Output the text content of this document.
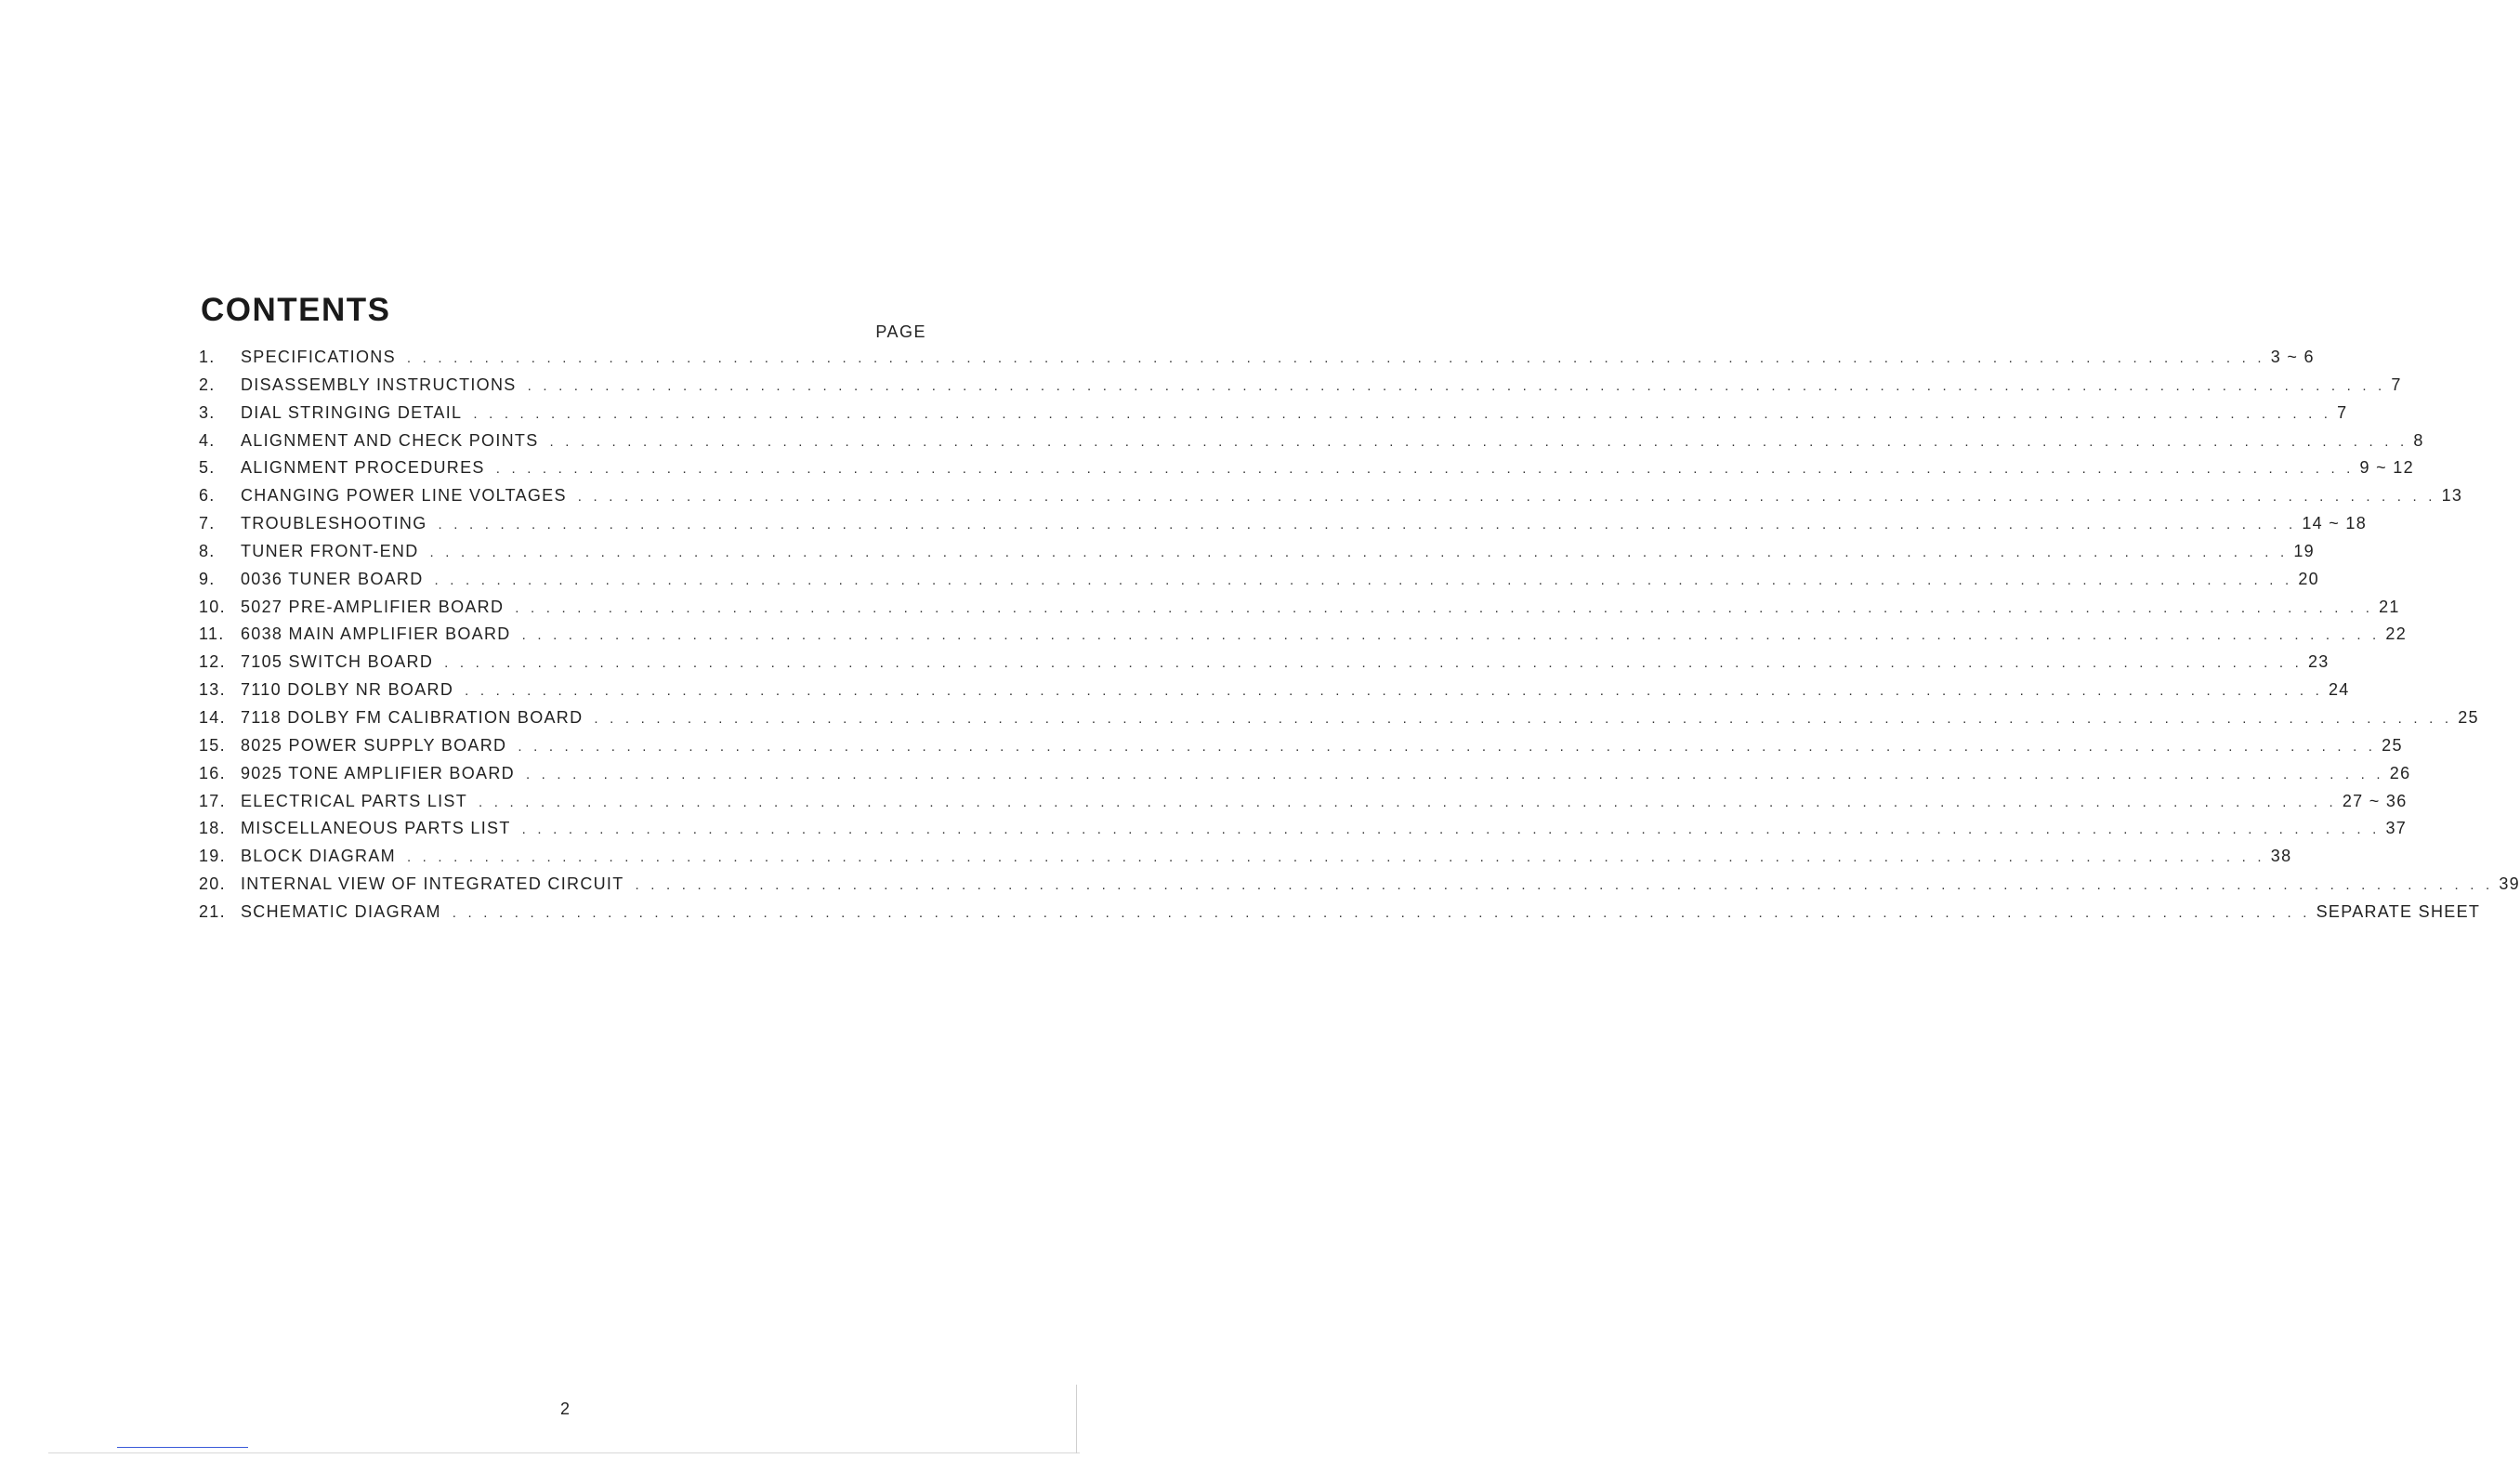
CONTENTS
PAGE
1.	SPECIFICATIONS . . . . . . . . . . . . . . . . . . . . . . . . . . . . . . . . . . . . . . . . . . . . . . . . . . . . . . . . . . . . . . . . . . . . . . . . . . . . . . . . . . . . . . . . . . . . . . . . . . . . . . . . . . . . . . . . . . . . . . . . 3 ~ 6
2.	DISASSEMBLY INSTRUCTIONS . . . . . . . . . . . . . . . . . . . . . . . . . . . . . . . . . . . . . . . . . . . . . . . . . . . . . . . . . . . . . . . . . . . . . . . . . . . . . . . . . . . . . . . . . . . . . . . . . . . . . . . . . . . . . . . . . . . . . . . . 7
3.	DIAL STRINGING DETAIL . . . . . . . . . . . . . . . . . . . . . . . . . . . . . . . . . . . . . . . . . . . . . . . . . . . . . . . . . . . . . . . . . . . . . . . . . . . . . . . . . . . . . . . . . . . . . . . . . . . . . . . . . . . . . . . . . . . . . . . . 7
4.	ALIGNMENT AND CHECK POINTS . . . . . . . . . . . . . . . . . . . . . . . . . . . . . . . . . . . . . . . . . . . . . . . . . . . . . . . . . . . . . . . . . . . . . . . . . . . . . . . . . . . . . . . . . . . . . . . . . . . . . . . . . . . . . . . . . . . . . . . . 8
5.	ALIGNMENT PROCEDURES . . . . . . . . . . . . . . . . . . . . . . . . . . . . . . . . . . . . . . . . . . . . . . . . . . . . . . . . . . . . . . . . . . . . . . . . . . . . . . . . . . . . . . . . . . . . . . . . . . . . . . . . . . . . . . . . . . . . . . . . 9 ~ 12
6.	CHANGING POWER LINE VOLTAGES . . . . . . . . . . . . . . . . . . . . . . . . . . . . . . . . . . . . . . . . . . . . . . . . . . . . . . . . . . . . . . . . . . . . . . . . . . . . . . . . . . . . . . . . . . . . . . . . . . . . . . . . . . . . . . . . . . . . . . . . 13
7.	TROUBLESHOOTING . . . . . . . . . . . . . . . . . . . . . . . . . . . . . . . . . . . . . . . . . . . . . . . . . . . . . . . . . . . . . . . . . . . . . . . . . . . . . . . . . . . . . . . . . . . . . . . . . . . . . . . . . . . . . . . . . . . . . . . . 14 ~ 18
8.	TUNER FRONT-END . . . . . . . . . . . . . . . . . . . . . . . . . . . . . . . . . . . . . . . . . . . . . . . . . . . . . . . . . . . . . . . . . . . . . . . . . . . . . . . . . . . . . . . . . . . . . . . . . . . . . . . . . . . . . . . . . . . . . . . . 19
9.	0036 TUNER BOARD . . . . . . . . . . . . . . . . . . . . . . . . . . . . . . . . . . . . . . . . . . . . . . . . . . . . . . . . . . . . . . . . . . . . . . . . . . . . . . . . . . . . . . . . . . . . . . . . . . . . . . . . . . . . . . . . . . . . . . . . 20
10. 5027 PRE-AMPLIFIER BOARD . . . . . . . . . . . . . . . . . . . . . . . . . . . . . . . . . . . . . . . . . . . . . . . . . . . . . . . . . . . . . . . . . . . . . . . . . . . . . . . . . . . . . . . . . . . . . . . . . . . . . . . . . . . . . . . . . . . . . . . . 21
11. 6038 MAIN AMPLIFIER BOARD . . . . . . . . . . . . . . . . . . . . . . . . . . . . . . . . . . . . . . . . . . . . . . . . . . . . . . . . . . . . . . . . . . . . . . . . . . . . . . . . . . . . . . . . . . . . . . . . . . . . . . . . . . . . . . . . . . . . . . . . 22
12. 7105 SWITCH BOARD . . . . . . . . . . . . . . . . . . . . . . . . . . . . . . . . . . . . . . . . . . . . . . . . . . . . . . . . . . . . . . . . . . . . . . . . . . . . . . . . . . . . . . . . . . . . . . . . . . . . . . . . . . . . . . . . . . . . . . . . 23
13. 7110 DOLBY NR BOARD . . . . . . . . . . . . . . . . . . . . . . . . . . . . . . . . . . . . . . . . . . . . . . . . . . . . . . . . . . . . . . . . . . . . . . . . . . . . . . . . . . . . . . . . . . . . . . . . . . . . . . . . . . . . . . . . . . . . . . . . 24
14. 7118 DOLBY FM CALIBRATION BOARD . . . . . . . . . . . . . . . . . . . . . . . . . . . . . . . . . . . . . . . . . . . . . . . . . . . . . . . . . . . . . . . . . . . . . . . . . . . . . . . . . . . . . . . . . . . . . . . . . . . . . . . . . . . . . . . . . . . . . . . . 25
15. 8025 POWER SUPPLY BOARD . . . . . . . . . . . . . . . . . . . . . . . . . . . . . . . . . . . . . . . . . . . . . . . . . . . . . . . . . . . . . . . . . . . . . . . . . . . . . . . . . . . . . . . . . . . . . . . . . . . . . . . . . . . . . . . . . . . . . . . . 25
16. 9025 TONE AMPLIFIER BOARD . . . . . . . . . . . . . . . . . . . . . . . . . . . . . . . . . . . . . . . . . . . . . . . . . . . . . . . . . . . . . . . . . . . . . . . . . . . . . . . . . . . . . . . . . . . . . . . . . . . . . . . . . . . . . . . . . . . . . . . . 26
17. ELECTRICAL PARTS LIST . . . . . . . . . . . . . . . . . . . . . . . . . . . . . . . . . . . . . . . . . . . . . . . . . . . . . . . . . . . . . . . . . . . . . . . . . . . . . . . . . . . . . . . . . . . . . . . . . . . . . . . . . . . . . . . . . . . . . . . . 27 ~ 36
18. MISCELLANEOUS PARTS LIST . . . . . . . . . . . . . . . . . . . . . . . . . . . . . . . . . . . . . . . . . . . . . . . . . . . . . . . . . . . . . . . . . . . . . . . . . . . . . . . . . . . . . . . . . . . . . . . . . . . . . . . . . . . . . . . . . . . . . . . . 37
19. BLOCK DIAGRAM . . . . . . . . . . . . . . . . . . . . . . . . . . . . . . . . . . . . . . . . . . . . . . . . . . . . . . . . . . . . . . . . . . . . . . . . . . . . . . . . . . . . . . . . . . . . . . . . . . . . . . . . . . . . . . . . . . . . . . . . 38
20. INTERNAL VIEW OF INTEGRATED CIRCUIT . . . . . . . . . . . . . . . . . . . . . . . . . . . . . . . . . . . . . . . . . . . . . . . . . . . . . . . . . . . . . . . . . . . . . . . . . . . . . . . . . . . . . . . . . . . . . . . . . . . . . . . . . . . . . . . . . . . . . . . . 39
21. SCHEMATIC DIAGRAM . . . . . . . . . . . . . . . . . . . . . . . . . . . . . . . . . . . . . . . . . . . . . . . . . . . . . . . . . . . . . . . . . . . . . . . . . . . . . . . . . . . . . . . . . . . . . . . . . . . . . . . . . . . . . . . . . . . . . . . . SEPARATE SHEET
2
